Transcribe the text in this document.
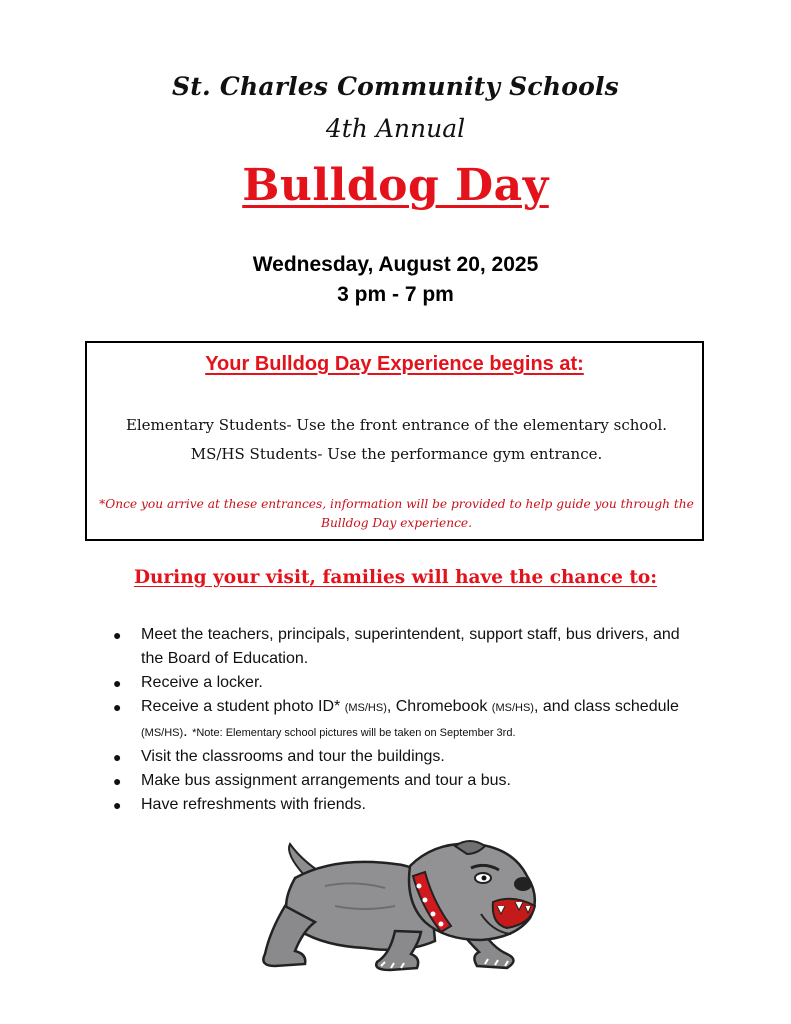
St. Charles Community Schools
4th Annual
Bulldog Day
Wednesday, August 20, 2025
3 pm - 7 pm
Your Bulldog Day Experience begins at:
Elementary Students- Use the front entrance of the elementary school.
MS/HS Students- Use the performance gym entrance.
*Once you arrive at these entrances, information will be provided to help guide you through the Bulldog Day experience.
During your visit, families will have the chance to:
● Meet the teachers, principals, superintendent, support staff, bus drivers, and the Board of Education.
● Receive a locker.
● Receive a student photo ID* (MS/HS), Chromebook (MS/HS), and class schedule (MS/HS). *Note: Elementary school pictures will be taken on September 3rd.
● Visit the classrooms and tour the buildings.
● Make bus assignment arrangements and tour a bus.
● Have refreshments with friends.
